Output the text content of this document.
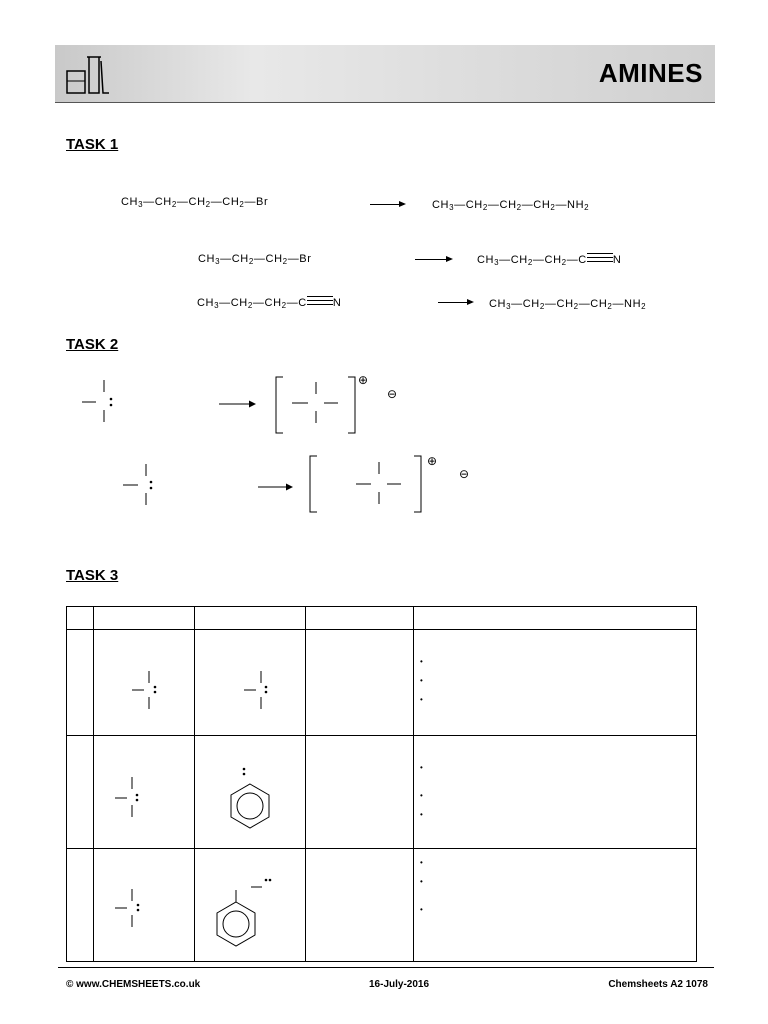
AMINES
TASK 1
$CH_3—CH_2—CH_2—CH_2—Br$	$CH_3—CH_2—CH_2—CH_2—NH_2$
$CH_3—CH_2—CH_2—Br$	$CH_3—CH_2—CH_2—C$ N
$CH_3—CH_2—CH_2—C$ N	$CH_3—CH_2—CH_2—CH_2—NH_2$
TASK 2
⊕
⊖
⊕
⊖
TASK 3

•
•
•

•
•
•

•
•
•
© www.CHEMSHEETS.co.uk	16-July-2016	Chemsheets A2 1078
